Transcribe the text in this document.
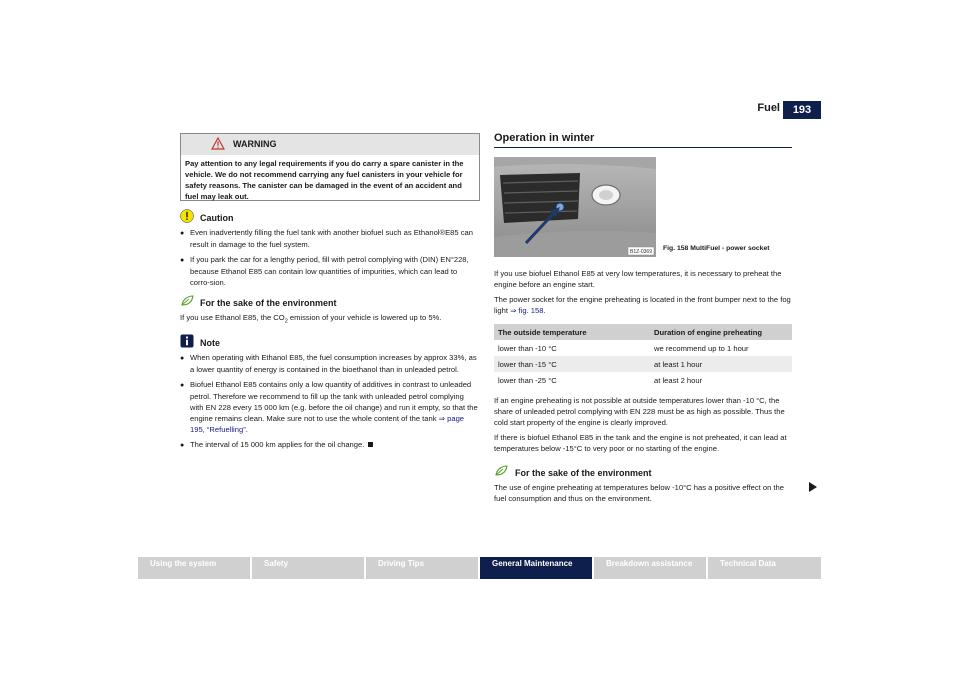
Fuel	193
WARNING
Pay attention to any legal requirements if you do carry a spare canister in the vehicle. We do not recommend carrying any fuel canisters in your vehicle for safety reasons. The canister can be damaged in the event of an accident and fuel may leak out.
Caution

● Even inadvertently filling the fuel tank with another biofuel such as Ethanol®E85 can result in damage to the fuel system.

● If you park the car for a lengthy period, fill with petrol complying with (DIN) EN°228, because Ethanol E85 can contain low quantities of impurities, which can lead to corro-sion.

For the sake of the environment
If you use Ethanol E85, the $CO_2$ emission of your vehicle is lowered up to 5%.
Note

● When operating with Ethanol E85, the fuel consumption increases by approx 33%, as a lower quantity of energy is contained in the bioethanol than in unleaded petrol.

● Biofuel Ethanol E85 contains only a low quantity of additives in contrast to unleaded petrol. Therefore we recommend to fill up the tank with unleaded petrol complying with EN 228 every 15 000 km (e.g. before the oil change) and run it empty, so that the engine remains clean. Make sure not to use the whole content of the tank ⇒ page 195, “Refuelling”.

● The interval of 15 000 km applies for the oil change.

Operation in winter
B1Z-0369 Fig. 158 MultiFuel - power socket

If you use biofuel Ethanol E85 at very low temperatures, it is necessary to preheat the engine before an engine start.

The power socket for the engine preheating is located in the front bumper next to the fog light ⇒ fig. 158.

The outside temperature	Duration of engine preheating
lower than -10 °C	we recommend up to 1 hour
lower than -15 °C	at least 1 hour
lower than -25 °C	at least 2 hour

If an engine preheating is not possible at outside temperatures lower than -10 °C, the share of unleaded petrol complying with EN 228 must be as high as possible. Thus the cold start property of the engine is clearly improved.

If there is biofuel Ethanol E85 in the tank and the engine is not preheated, it can lead at temperatures below -15°C to very poor or no starting of the engine.

For the sake of the environment
The use of engine preheating at temperatures below -10°C has a positive effect on the fuel consumption and thus on the environment.
Using the system	Safety	Driving Tips	General Maintenance	Breakdown assistance	Technical Data
